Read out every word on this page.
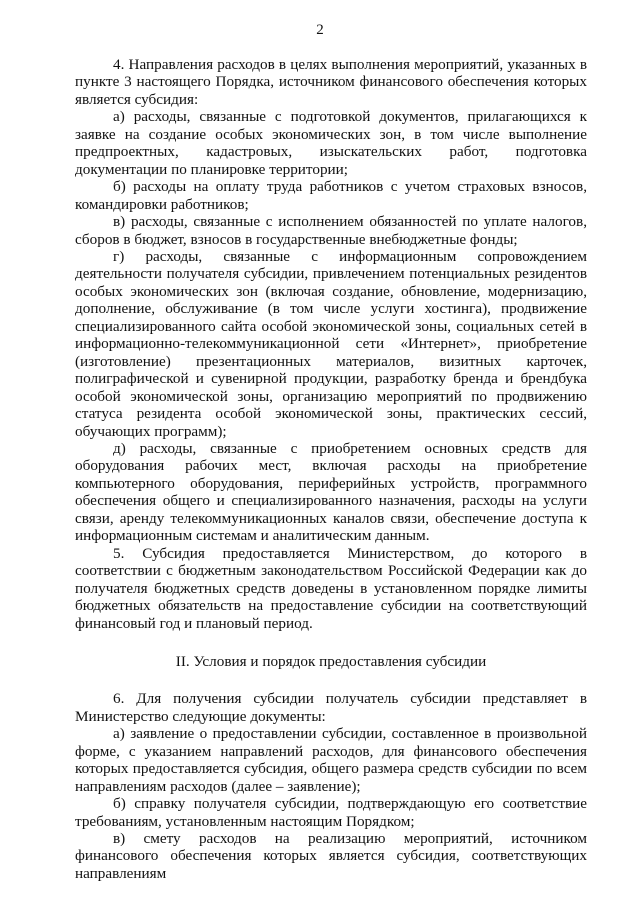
2

4. Направления расходов в целях выполнения мероприятий, указанных в пункте 3 настоящего Порядка, источником финансового обеспечения которых является субсидия:

а) расходы, связанные с подготовкой документов, прилагающихся к заявке на создание особых экономических зон, в том числе выполнение предпроектных, кадастровых, изыскательских работ, подготовка документации по планировке территории;

б) расходы на оплату труда работников с учетом страховых взносов, командировки работников;

в) расходы, связанные с исполнением обязанностей по уплате налогов, сборов в бюджет, взносов в государственные внебюджетные фонды;

г) расходы, связанные с информационным сопровождением деятельности получателя субсидии, привлечением потенциальных резидентов особых экономических зон (включая создание, обновление, модернизацию, дополнение, обслуживание (в том числе услуги хостинга), продвижение специализированного сайта особой экономической зоны, социальных сетей в информационно-телекоммуникационной сети «Интернет», приобретение (изготовление) презентационных материалов, визитных карточек, полиграфической и сувенирной продукции, разработку бренда и брендбука особой экономической зоны, организацию мероприятий по продвижению статуса резидента особой экономической зоны, практических сессий, обучающих программ);

д) расходы, связанные с приобретением основных средств для оборудования рабочих мест, включая расходы на приобретение компьютерного оборудования, периферийных устройств, программного обеспечения общего и специализированного назначения, расходы на услуги связи, аренду телекоммуникационных каналов связи, обеспечение доступа к информационным системам и аналитическим данным.

5. Субсидия предоставляется Министерством, до которого в соответствии с бюджетным законодательством Российской Федерации как до получателя бюджетных средств доведены в установленном порядке лимиты бюджетных обязательств на предоставление субсидии на соответствующий финансовый год и плановый период.

II. Условия и порядок предоставления субсидии

6. Для получения субсидии получатель субсидии представляет в Министерство следующие документы:

а) заявление о предоставлении субсидии, составленное в произвольной форме, с указанием направлений расходов, для финансового обеспечения которых предоставляется субсидия, общего размера средств субсидии по всем направлениям расходов (далее – заявление);

б) справку получателя субсидии, подтверждающую его соответствие требованиям, установленным настоящим Порядком;

в) смету расходов на реализацию мероприятий, источником финансового обеспечения которых является субсидия, соответствующих направлениям
